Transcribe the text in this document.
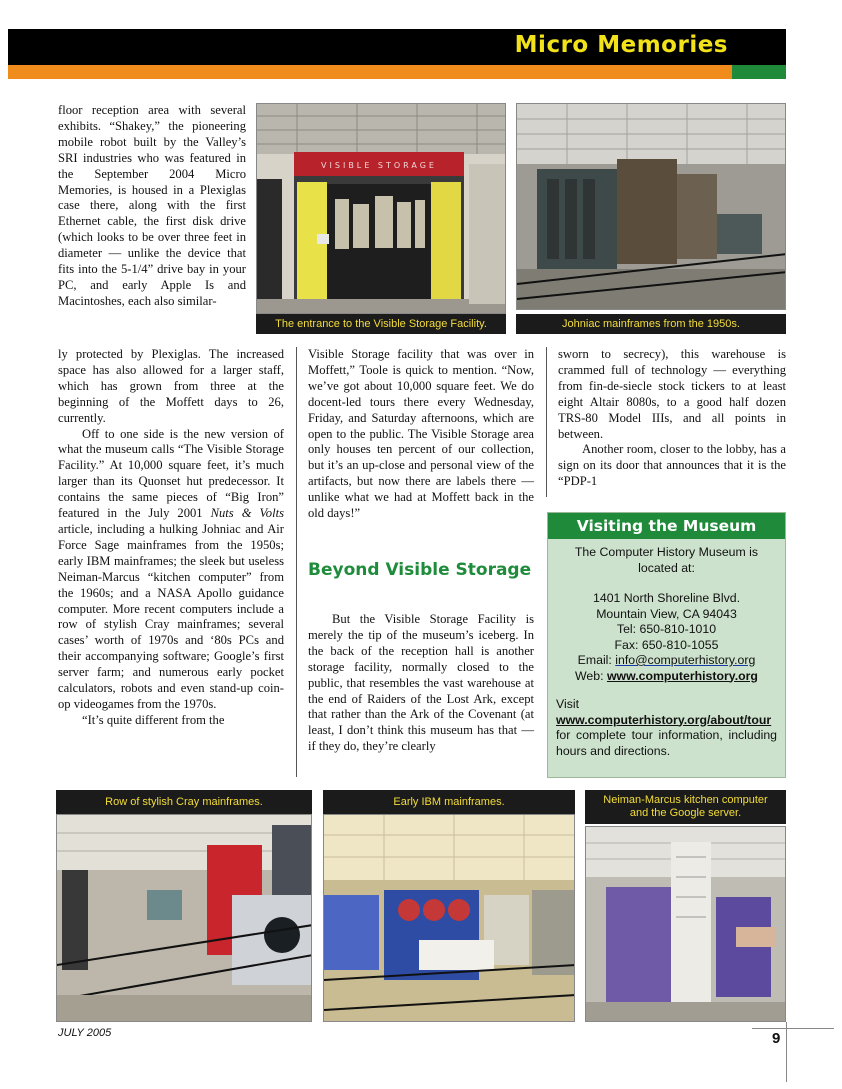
Micro Memories
VISIBLE STORAGE
The entrance to the Visible Storage Facility.	Johniac mainframes from the 1950s.

floor reception area with several exhibits. “Shakey,” the pioneering mobile robot built by the Valley’s SRI industries who was featured in the September 2004 Micro Memories, is housed in a Plexiglas case there, along with the first Ethernet cable, the first disk drive (which looks to be over three feet in diameter — unlike the device that fits into the 5-1/4” drive bay in your PC, and early Apple Is and Macintoshes, each also similar-

ly protected by Plexiglas. The increased space has also allowed for a larger staff, which has grown from three at the beginning of the Moffett days to 26, currently.

Off to one side is the new version of what the museum calls “The Visible Storage Facility.” At 10,000 square feet, it’s much larger than its Quonset hut predecessor. It contains the same pieces of “Big Iron” featured in the July 2001 Nuts & Volts article, including a hulking Johniac and Air Force Sage mainframes from the 1950s; early IBM mainframes; the sleek but useless Neiman-Marcus “kitchen computer” from the 1960s; and a NASA Apollo guidance computer. More recent computers include a row of stylish Cray mainframes; several cases’ worth of 1970s and ‘80s PCs and their accompanying software; Google’s first server farm; and numerous early pocket calculators, robots and even stand-up coin-op videogames from the 1970s.

“It’s quite different from the

Visible Storage facility that was over in Moffett,” Toole is quick to mention. “Now, we’ve got about 10,000 square feet. We do docent-led tours there every Wednesday, Friday, and Saturday afternoons, which are open to the public. The Visible Storage area only houses ten percent of our collection, but it’s an up-close and personal view of the artifacts, but now there are labels there — unlike what we had at Moffett back in the old days!”

Beyond Visible Storage

But the Visible Storage Facility is merely the tip of the museum’s iceberg. In the back of the reception hall is another storage facility, normally closed to the public, that resembles the vast warehouse at the end of Raiders of the Lost Ark, except that rather than the Ark of the Covenant (at least, I don’t think this museum has that — if they do, they’re clearly

sworn to secrecy), this warehouse is crammed full of technology — everything from fin-de-siecle stock tickers to at least eight Altair 8080s, to a good half dozen TRS-80 Model IIIs, and all points in between.

Another room, closer to the lobby, has a sign on its door that announces that it is the “PDP-1

Visiting the Museum
The Computer History Museum is located at:
1401 North Shoreline Blvd.
Mountain View, CA 94043
Tel: 650-810-1010
Fax: 650-810-1055
Email: info@computerhistory.org
Web: www.computerhistory.org
Visit www.computerhistory.org/about/tour for complete tour information, including hours and directions.
Row of stylish Cray mainframes.	Early IBM mainframes.	Neiman-Marcus kitchen computer and the Google server.
JULY 2005	9
